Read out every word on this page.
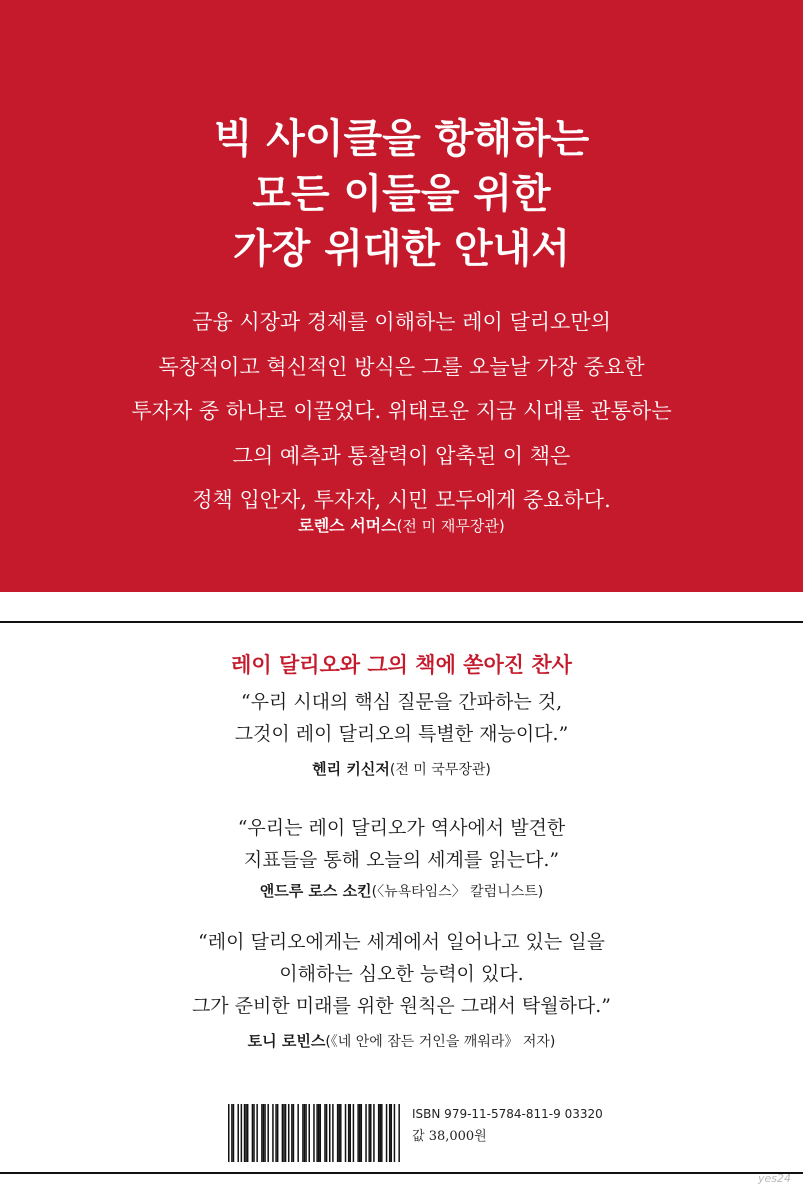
빅 사이클을 항해하는
모든 이들을 위한
가장 위대한 안내서

금융 시장과 경제를 이해하는 레이 달리오만의
독창적이고 혁신적인 방식은 그를 오늘날 가장 중요한
투자자 중 하나로 이끌었다. 위태로운 지금 시대를 관통하는
그의 예측과 통찰력이 압축된 이 책은
정책 입안자, 투자자, 시민 모두에게 중요하다.

로렌스 서머스(전 미 재무장관)
레이 달리오와 그의 책에 쏟아진 찬사

“우리 시대의 핵심 질문을 간파하는 것,
그것이 레이 달리오의 특별한 재능이다.”

헨리 키신저(전 미 국무장관)

“우리는 레이 달리오가 역사에서 발견한
지표들을 통해 오늘의 세계를 읽는다.”

앤드루 로스 소킨(〈뉴욕타임스〉 칼럼니스트)

“레이 달리오에게는 세계에서 일어나고 있는 일을
이해하는 심오한 능력이 있다.
그가 준비한 미래를 위한 원칙은 그래서 탁월하다.”

토니 로빈스(《네 안에 잠든 거인을 깨워라》 저자)
ISBN 979-11-5784-811-9 03320
값 38,000원
yes24
